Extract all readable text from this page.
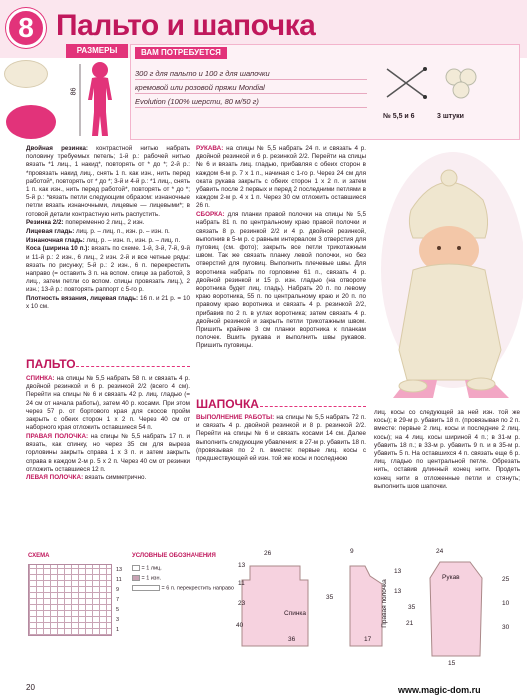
8 Пальто и шапочка
РАЗМЕРЫ
86
ВАМ ПОТРЕБУЕТСЯ
300 г для пальто и 100 г для шапочки
кремовой или розовой пряжи Mondial
Evolution (100% шерсти, 80 м/50 г)
№ 5,5 и 6	3 штуки

Двойная резинка: контрастной нитью набрать половину требуемых петель; 1-й р.: рабочей нитью вязать *1 лиц., 1 накид*, повторять от * до *; 2-й р.: *провязать накид лиц., снять 1 п. как изн., нить перед работой*, повторять от * до *; 3-й и 4-й р.: *1 лиц., снять 1 п. как изн., нить перед работой*, повторять от * до *; 5-й р.: *вязать петли следующим образом: изнаночные петли вязать изнаночными, лицевые — лицевыми*; в готовой детали контрастную нить распустить.

Резинка 2/2: попеременно 2 лиц., 2 изн.

Лицевая гладь: лиц. р. – лиц. п., изн. р. – изн. п.

Изнаночная гладь: лиц. р. – изн. п., изн. р. – лиц. п.

Коса (ширина 10 п.): вязать по схеме. 1-й, 3-й, 7-й, 9-й и 11-й р.: 2 изн., 6 лиц., 2 изн. 2-й и все четные ряды: вязать по рисунку; 5-й р.: 2 изн., 6 п. перекрестить направо (= оставить 3 п. на вспом. спице за работой, 3 лиц., затем петли со вспом. спицы провязать лиц.), 2 изн.; 13-й р.: повторять раппорт с 5-го р.

Плотность вязания, лицевая гладь: 16 п. и 21 р. = 10 х 10 см.

ПАЛЬТО

СПИНКА: на спицы № 5,5 набрать 58 п. и связать 4 р. двойной резинкой и 6 р. резинкой 2/2 (всего 4 см). Перейти на спицы № 6 и связать 42 р. лиц. гладью (= 24 см от начала работы), затем 40 р. косами. При этом через 57 р. от бортового края для скосов пройм закрыть с обеих сторон 1 х 2 п. Через 40 см от наборного края отложить оставшиеся 54 п.

ПРАВАЯ ПОЛОЧКА: на спицы № 5,5 набрать 17 п. и вязать, как спинку, но через 35 см для выреза горловины закрыть справа 1 х 3 п. и затем закрыть справа в каждом 2-м р. 5 х 2 п. Через 40 см от резинки отложить оставшиеся 12 п.

ЛЕВАЯ ПОЛОЧКА: вязать симметрично.

РУКАВА: на спицы № 5,5 набрать 24 п. и связать 4 р. двойной резинкой и 6 р. резинкой 2/2. Перейти на спицы № 6 и вязать лиц. гладью, прибавляя с обеих сторон в каждом 6-м р. 7 х 1 п., начиная с 1-го р. Через 24 см для оката рукава закрыть с обеих сторон 1 х 2 п. и затем убавить после 2 первых и перед 2 последними петлями в каждом 2-м р. 4 х 1 п. Через 30 см отложить оставшиеся 26 п.

СБОРКА: для планки правой полочки на спицы № 5,5 набрать 81 п. по центральному краю правой полочки и связать 8 р. резинкой 2/2 и 4 р. двойной резинкой, выполнив в 5-м р. с равным интервалом 3 отверстия для пуговиц (см. фото); закрыть все петли трикотажным швом. Так же связать планку левой полочки, но без отверстий для пуговиц. Выполнить плечевые швы. Для воротника набрать по горловине 61 п., связать 4 р. двойной резинкой и 15 р. изн. гладью (на отворотe воротника будет лиц. гладь). Набрать 20 п. по левому краю воротника, 55 п. по центральному краю и 20 п. по правому краю воротника и связать 4 р. резинкой 2/2, прибавив по 2 п. в углах воротника; затем связать 4 р. двойной резинкой и закрыть петли трикотажным швом. Пришить крайние 3 см планки воротника к планкам полочек. Вшить рукава и выполнить швы рукавов. Пришить пуговицы.

ШАПОЧКА

ВЫПОЛНЕНИЕ РАБОТЫ: на спицы № 5,5 набрать 72 п. и связать 4 р. двойной резинкой и 8 р. резинкой 2/2. Перейти на спицы № 6 и связать косами 14 см. Далее выполнить следующие убавления: в 27-м р. убавить 18 п. (провязывая по 2 п. вместе: первые лиц. косы с предшествующей ей изн. той же косы и последнюю

лиц. косы со следующей за ней изн. той же косы); в 29-м р. убавить 18 п. (провязывая по 2 п. вместе: первые 2 лиц. косы и последние 2 лиц. косы); на 4 лиц. косы шириной 4 п.; в 31-м р. убавить 18 п.; в 33-м р. убавить 9 п. и в 35-м р. убавить 5 п. На оставшихся 4 п. связать еще 6 р. лиц. гладью по центральной петле. Обрезать нить, оставив длинный конец нити. Продеть конец нити в отложенные петли и стянуть; выполнить шов шапочки.

СХЕМА
13
11
9
7
5
3
1
УСЛОВНЫЕ ОБОЗНАЧЕНИЯ
= 1 лиц.
= 1 изн.
= 6 п. перекрестить направо
Спинка	Правая полочка
Рукав
26
13
11
23
35
36
40
9
17
13
13
24
25
15
21
35
10
30
20	www.magic-dom.ru
